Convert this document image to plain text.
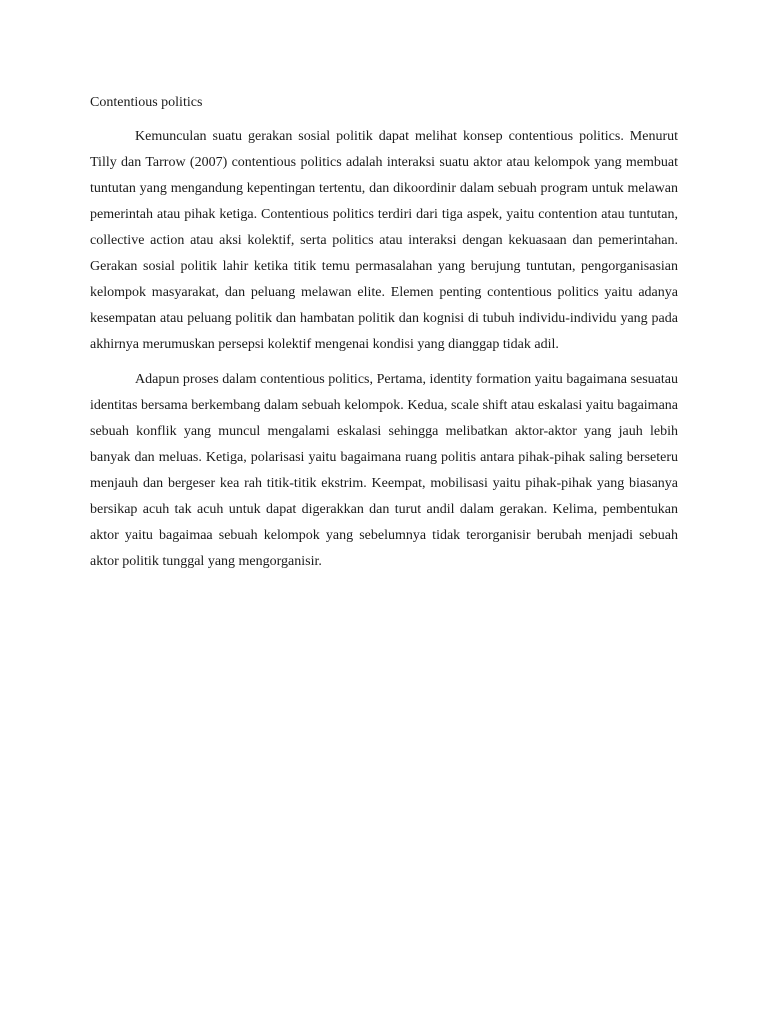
Contentious politics

Kemunculan suatu gerakan sosial politik dapat melihat konsep contentious politics. Menurut Tilly dan Tarrow (2007) contentious politics adalah interaksi suatu aktor atau kelompok yang membuat tuntutan yang mengandung kepentingan tertentu, dan dikoordinir dalam sebuah program untuk melawan pemerintah atau pihak ketiga. Contentious politics terdiri dari tiga aspek, yaitu contention atau tuntutan, collective action atau aksi kolektif, serta politics atau interaksi dengan kekuasaan dan pemerintahan. Gerakan sosial politik lahir ketika titik temu permasalahan yang berujung tuntutan, pengorganisasian kelompok masyarakat, dan peluang melawan elite. Elemen penting contentious politics yaitu adanya kesempatan atau peluang politik dan hambatan politik dan kognisi di tubuh individu-individu yang pada akhirnya merumuskan persepsi kolektif mengenai kondisi yang dianggap tidak adil.

Adapun proses dalam contentious politics, Pertama, identity formation yaitu bagaimana sesuatau identitas bersama berkembang dalam sebuah kelompok. Kedua, scale shift atau eskalasi yaitu bagaimana sebuah konflik yang muncul mengalami eskalasi sehingga melibatkan aktor-aktor yang jauh lebih banyak dan meluas. Ketiga, polarisasi yaitu bagaimana ruang politis antara pihak-pihak saling berseteru menjauh dan bergeser kea rah titik-titik ekstrim. Keempat, mobilisasi yaitu pihak-pihak yang biasanya bersikap acuh tak acuh untuk dapat digerakkan dan turut andil dalam gerakan. Kelima, pembentukan aktor yaitu bagaimaa sebuah kelompok yang sebelumnya tidak terorganisir berubah menjadi sebuah aktor politik tunggal yang mengorganisir.
